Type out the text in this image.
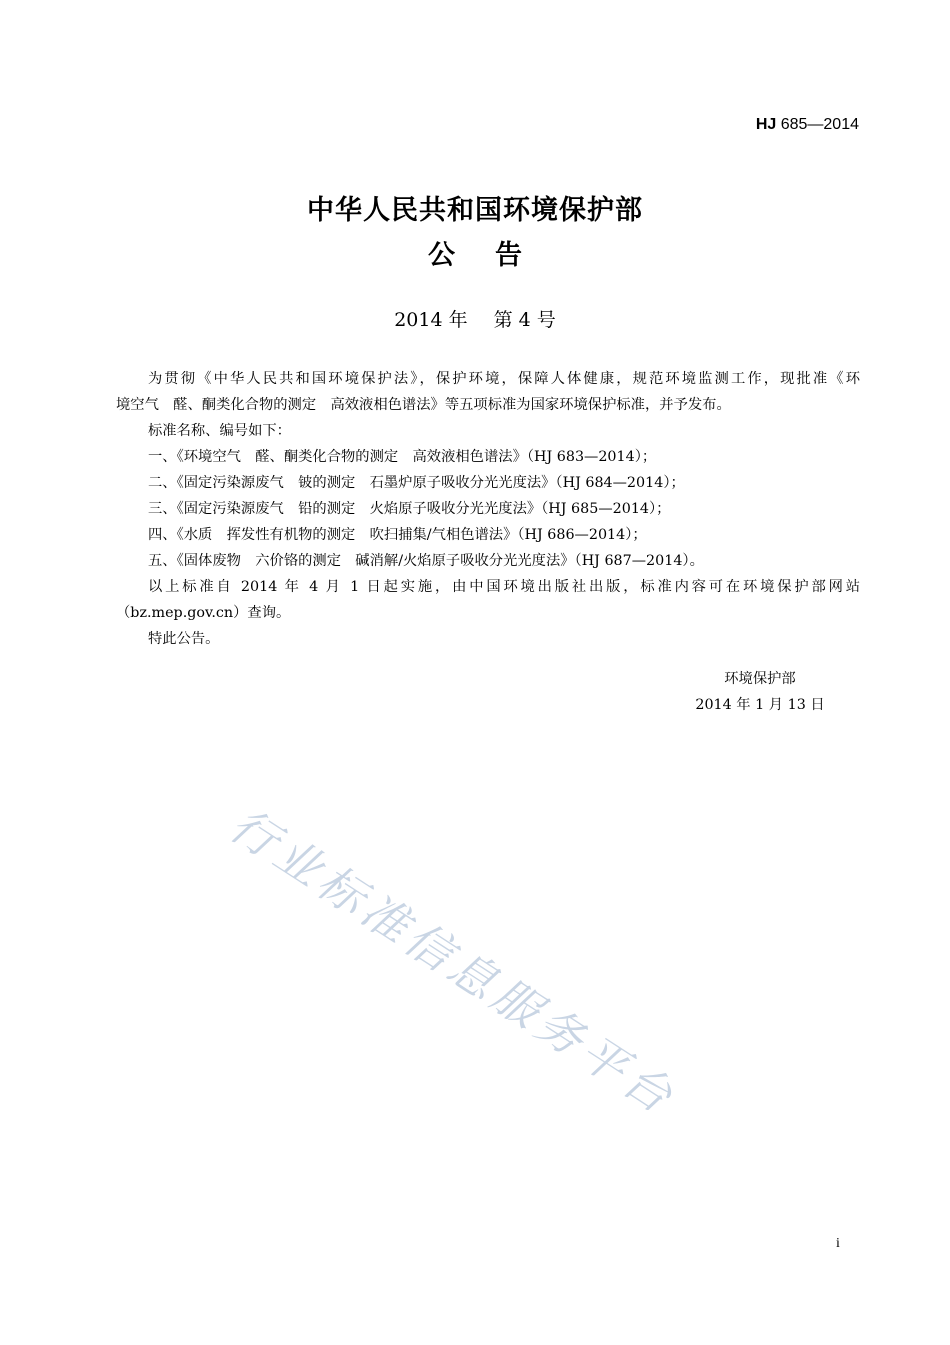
HJ 685—2014
中华人民共和国环境保护部
公告
2014 年 第 4 号

为贯彻《中华人民共和国环境保护法》，保护环境，保障人体健康，规范环境监测工作，现批准《环

境空气　醛、酮类化合物的测定　高效液相色谱法》等五项标准为国家环境保护标准，并予发布。

标准名称、编号如下：

一、《环境空气　醛、酮类化合物的测定　高效液相色谱法》（HJ 683—2014）；

二、《固定污染源废气　铍的测定　石墨炉原子吸收分光光度法》（HJ 684—2014）；

三、《固定污染源废气　铅的测定　火焰原子吸收分光光度法》（HJ 685—2014）；

四、《水质　挥发性有机物的测定　吹扫捕集/气相色谱法》（HJ 686—2014）；

五、《固体废物　六价铬的测定　碱消解/火焰原子吸收分光光度法》（HJ 687—2014）。

以上标准自 2014 年 4 月 1 日起实施，由中国环境出版社出版，标准内容可在环境保护部网站

（bz.mep.gov.cn）查询。

特此公告。

环境保护部
2014 年 1 月 13 日
行业标准信息服务平台
i
